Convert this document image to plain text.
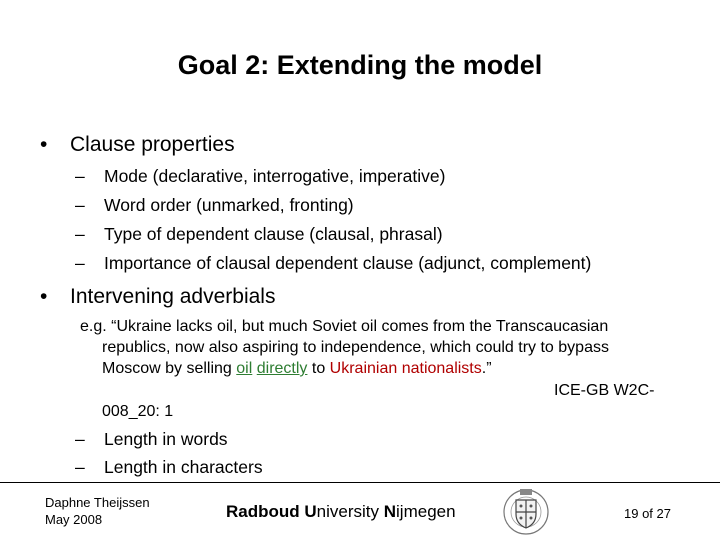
Goal 2: Extending the model
• Clause properties
– Mode (declarative, interrogative, imperative)
– Word order (unmarked, fronting)
– Type of dependent clause (clausal, phrasal)
– Importance of clausal dependent clause (adjunct, complement)
• Intervening adverbials
e.g. “Ukraine lacks oil, but much Soviet oil comes from the Transcaucasian
republics, now also aspiring to independence, which could try to bypass
Moscow by selling oil directly to Ukrainian nationalists.”
ICE-GB W2C-
008_20: 1
– Length in words
– Length in characters
Daphne Theijssen
May 2008	Radboud University Nijmegen	19 of 27
